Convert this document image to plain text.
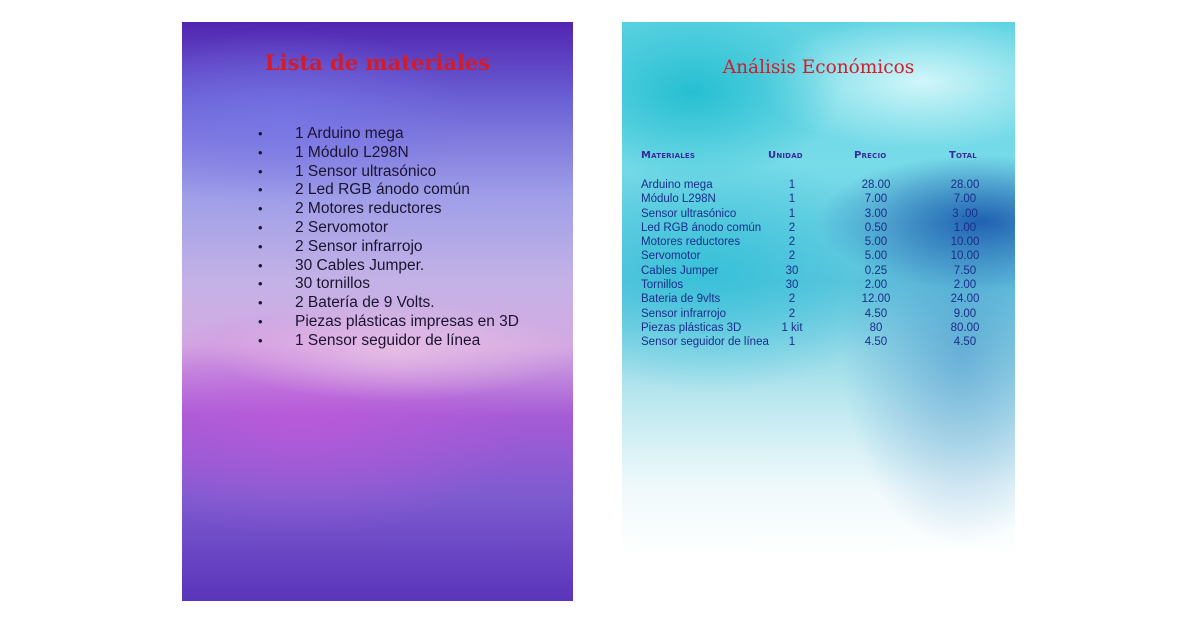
Lista de materiales
• 1 Arduino mega
• 1 Módulo L298N
• 1 Sensor ultrasónico
• 2 Led RGB ánodo común
• 2 Motores reductores
• 2 Servomotor
• 2 Sensor infrarrojo
• 30 Cables Jumper.
• 30 tornillos
• 2 Batería de 9 Volts.
• Piezas plásticas impresas en 3D
• 1 Sensor seguidor de línea
Análisis Económicos
Materiales	Unidad	Precio	Total
Arduino mega	1	28.00	28.00
Módulo L298N	1	7.00	7.00
Sensor ultrasónico	1	3.00	3 .00
Led RGB ánodo común	2	0.50	1.00
Motores reductores	2	5.00	10.00
Servomotor	2	5.00	10.00
Cables Jumper	30	0.25	7.50
Tornillos	30	2.00	2.00
Bateria de 9vlts	2	12.00	24.00
Sensor infrarrojo	2	4.50	9.00
Piezas plásticas 3D	1 kit	80	80.00
Sensor seguidor de línea	1	4.50	4.50
